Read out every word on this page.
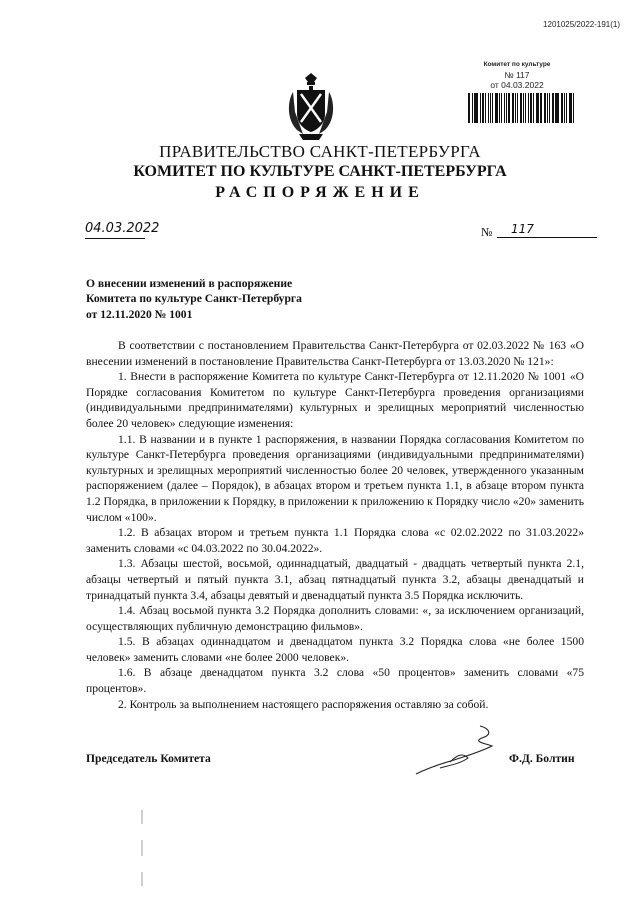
1201025/2022-191(1)
Комитет по культуре
№ 117
от 04.03.2022
ПРАВИТЕЛЬСТВО САНКТ-ПЕТЕРБУРГА
КОМИТЕТ ПО КУЛЬТУРЕ САНКТ-ПЕТЕРБУРГА
РАСПОРЯЖЕНИЕ
04.03.2022	№	117
О внесении изменений в распоряжение
Комитета по культуре Санкт-Петербурга
от 12.11.2020 № 1001

В соответствии с постановлением Правительства Санкт-Петербурга от 02.03.2022 № 163 «О внесении изменений в постановление Правительства Санкт-Петербурга от 13.03.2020 № 121»:

1. Внести в распоряжение Комитета по культуре Санкт-Петербурга от 12.11.2020 № 1001 «О Порядке согласования Комитетом по культуре Санкт-Петербурга проведения организациями (индивидуальными предпринимателями) культурных и зрелищных мероприятий численностью более 20 человек» следующие изменения:

1.1. В названии и в пункте 1 распоряжения, в названии Порядка согласования Комитетом по культуре Санкт-Петербурга проведения организациями (индивидуальными предпринимателями) культурных и зрелищных мероприятий численностью более 20 человек, утвержденного указанным распоряжением (далее – Порядок), в абзацах втором и третьем пункта 1.1, в абзаце втором пункта 1.2 Порядка, в приложении к Порядку, в приложении к приложению к Порядку число «20» заменить числом «100».

1.2. В абзацах втором и третьем пункта 1.1 Порядка слова «с 02.02.2022 по 31.03.2022» заменить словами «с 04.03.2022 по 30.04.2022».

1.3. Абзацы шестой, восьмой, одиннадцатый, двадцатый - двадцать четвертый пункта 2.1, абзацы четвертый и пятый пункта 3.1, абзац пятнадцатый пункта 3.2, абзацы двенадцатый и тринадцатый пункта 3.4, абзацы девятый и двенадцатый пункта 3.5 Порядка исключить.

1.4. Абзац восьмой пункта 3.2 Порядка дополнить словами: «, за исключением организаций, осуществляющих публичную демонстрацию фильмов».

1.5. В абзацах одиннадцатом и двенадцатом пункта 3.2 Порядка слова «не более 1500 человек» заменить словами «не более 2000 человек».

1.6. В абзаце двенадцатом пункта 3.2 слова «50 процентов» заменить словами «75 процентов».

2. Контроль за выполнением настоящего распоряжения оставляю за собой.

Председатель Комитета	Ф.Д. Болтин
